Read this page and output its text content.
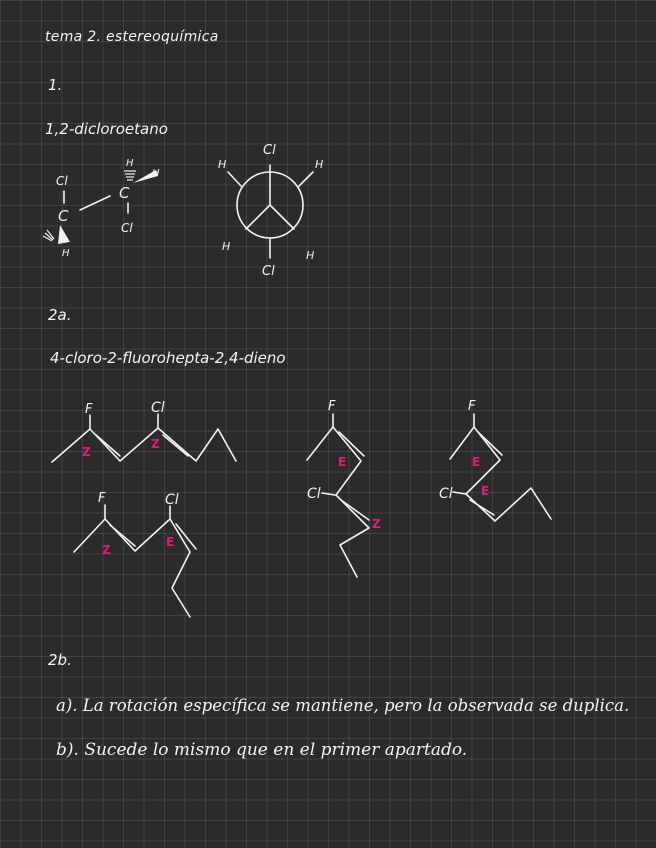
tema 2. estereoquímica
1.
1,2-dicloroetano
2a.
4-cloro-2-fluorohepta-2,4-dieno
2b.
a). La rotación específica se mantiene, pero la observada se duplica.
b). Sucede lo mismo que en el primer apartado.
Cl
C
C
H
H
Cl
H
Cl
H	H
H
H
Cl
F	Cl
Z
Z
F	Cl
Z
E
F
Cl
E
Z
F
Cl
E
E
